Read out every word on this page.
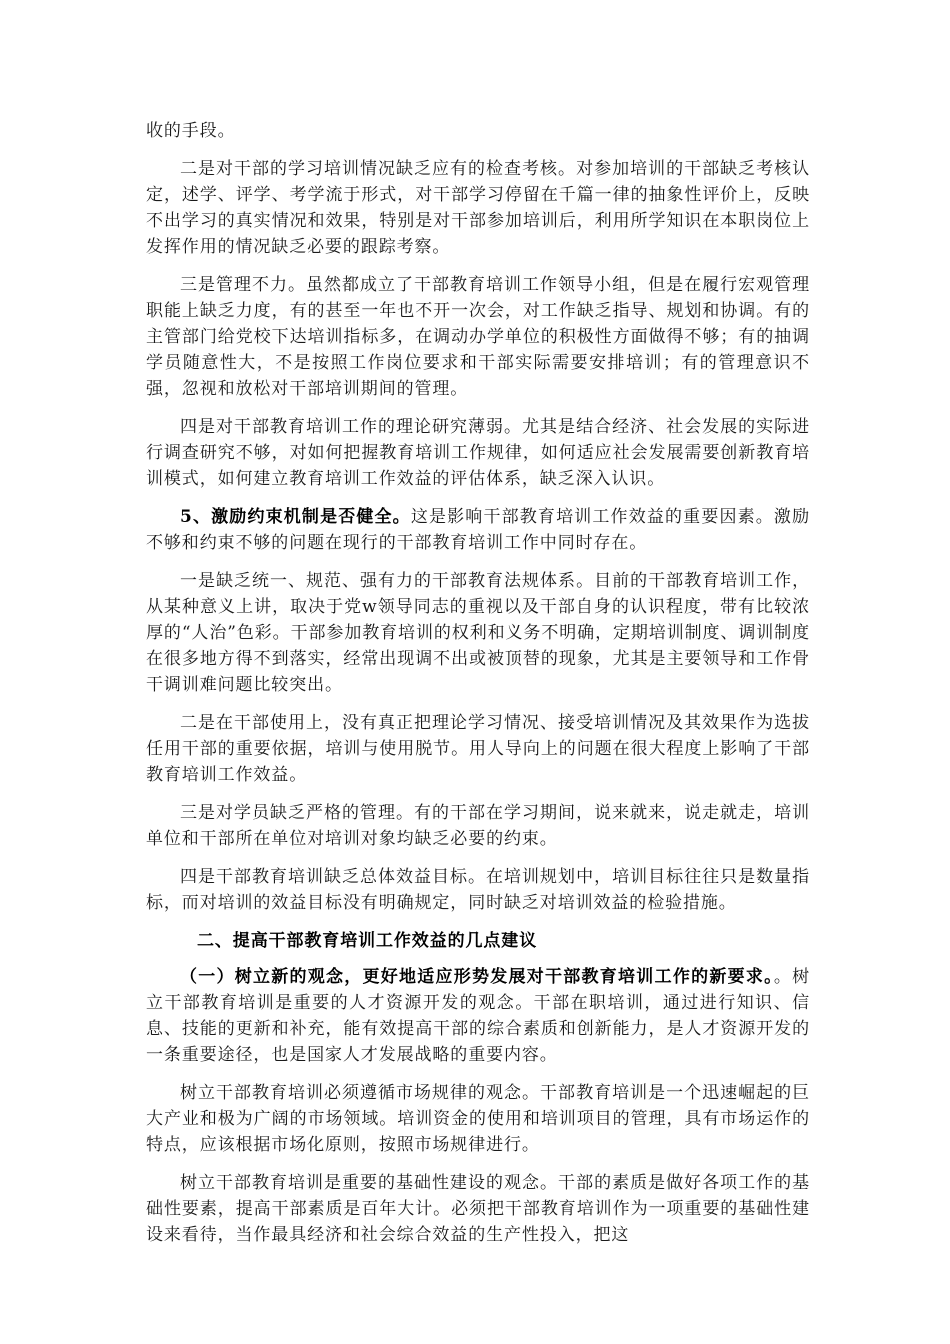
收的手段。

二是对干部的学习培训情况缺乏应有的检查考核。对参加培训的干部缺乏考核认定，述学、评学、考学流于形式，对干部学习停留在千篇一律的抽象性评价上，反映不出学习的真实情况和效果，特别是对干部参加培训后，利用所学知识在本职岗位上发挥作用的情况缺乏必要的跟踪考察。

三是管理不力。虽然都成立了干部教育培训工作领导小组，但是在履行宏观管理职能上缺乏力度，有的甚至一年也不开一次会，对工作缺乏指导、规划和协调。有的主管部门给党校下达培训指标多，在调动办学单位的积极性方面做得不够；有的抽调学员随意性大，不是按照工作岗位要求和干部实际需要安排培训；有的管理意识不强，忽视和放松对干部培训期间的管理。

四是对干部教育培训工作的理论研究薄弱。尤其是结合经济、社会发展的实际进行调查研究不够，对如何把握教育培训工作规律，如何适应社会发展需要创新教育培训模式，如何建立教育培训工作效益的评估体系，缺乏深入认识。

5、激励约束机制是否健全。这是影响干部教育培训工作效益的重要因素。激励不够和约束不够的问题在现行的干部教育培训工作中同时存在。

一是缺乏统一、规范、强有力的干部教育法规体系。目前的干部教育培训工作，从某种意义上讲，取决于党w领导同志的重视以及干部自身的认识程度，带有比较浓厚的“人治”色彩。干部参加教育培训的权利和义务不明确，定期培训制度、调训制度在很多地方得不到落实，经常出现调不出或被顶替的现象，尤其是主要领导和工作骨干调训难问题比较突出。

二是在干部使用上，没有真正把理论学习情况、接受培训情况及其效果作为选拔任用干部的重要依据，培训与使用脱节。用人导向上的问题在很大程度上影响了干部教育培训工作效益。

三是对学员缺乏严格的管理。有的干部在学习期间，说来就来，说走就走，培训单位和干部所在单位对培训对象均缺乏必要的约束。

四是干部教育培训缺乏总体效益目标。在培训规划中，培训目标往往只是数量指标，而对培训的效益目标没有明确规定，同时缺乏对培训效益的检验措施。

二、提高干部教育培训工作效益的几点建议

（一）树立新的观念，更好地适应形势发展对干部教育培训工作的新要求。。树立干部教育培训是重要的人才资源开发的观念。干部在职培训，通过进行知识、信息、技能的更新和补充，能有效提高干部的综合素质和创新能力，是人才资源开发的一条重要途径，也是国家人才发展战略的重要内容。

树立干部教育培训必须遵循市场规律的观念。干部教育培训是一个迅速崛起的巨大产业和极为广阔的市场领域。培训资金的使用和培训项目的管理，具有市场运作的特点，应该根据市场化原则，按照市场规律进行。

树立干部教育培训是重要的基础性建设的观念。干部的素质是做好各项工作的基础性要素，提高干部素质是百年大计。必须把干部教育培训作为一项重要的基础性建设来看待，当作最具经济和社会综合效益的生产性投入，把这
